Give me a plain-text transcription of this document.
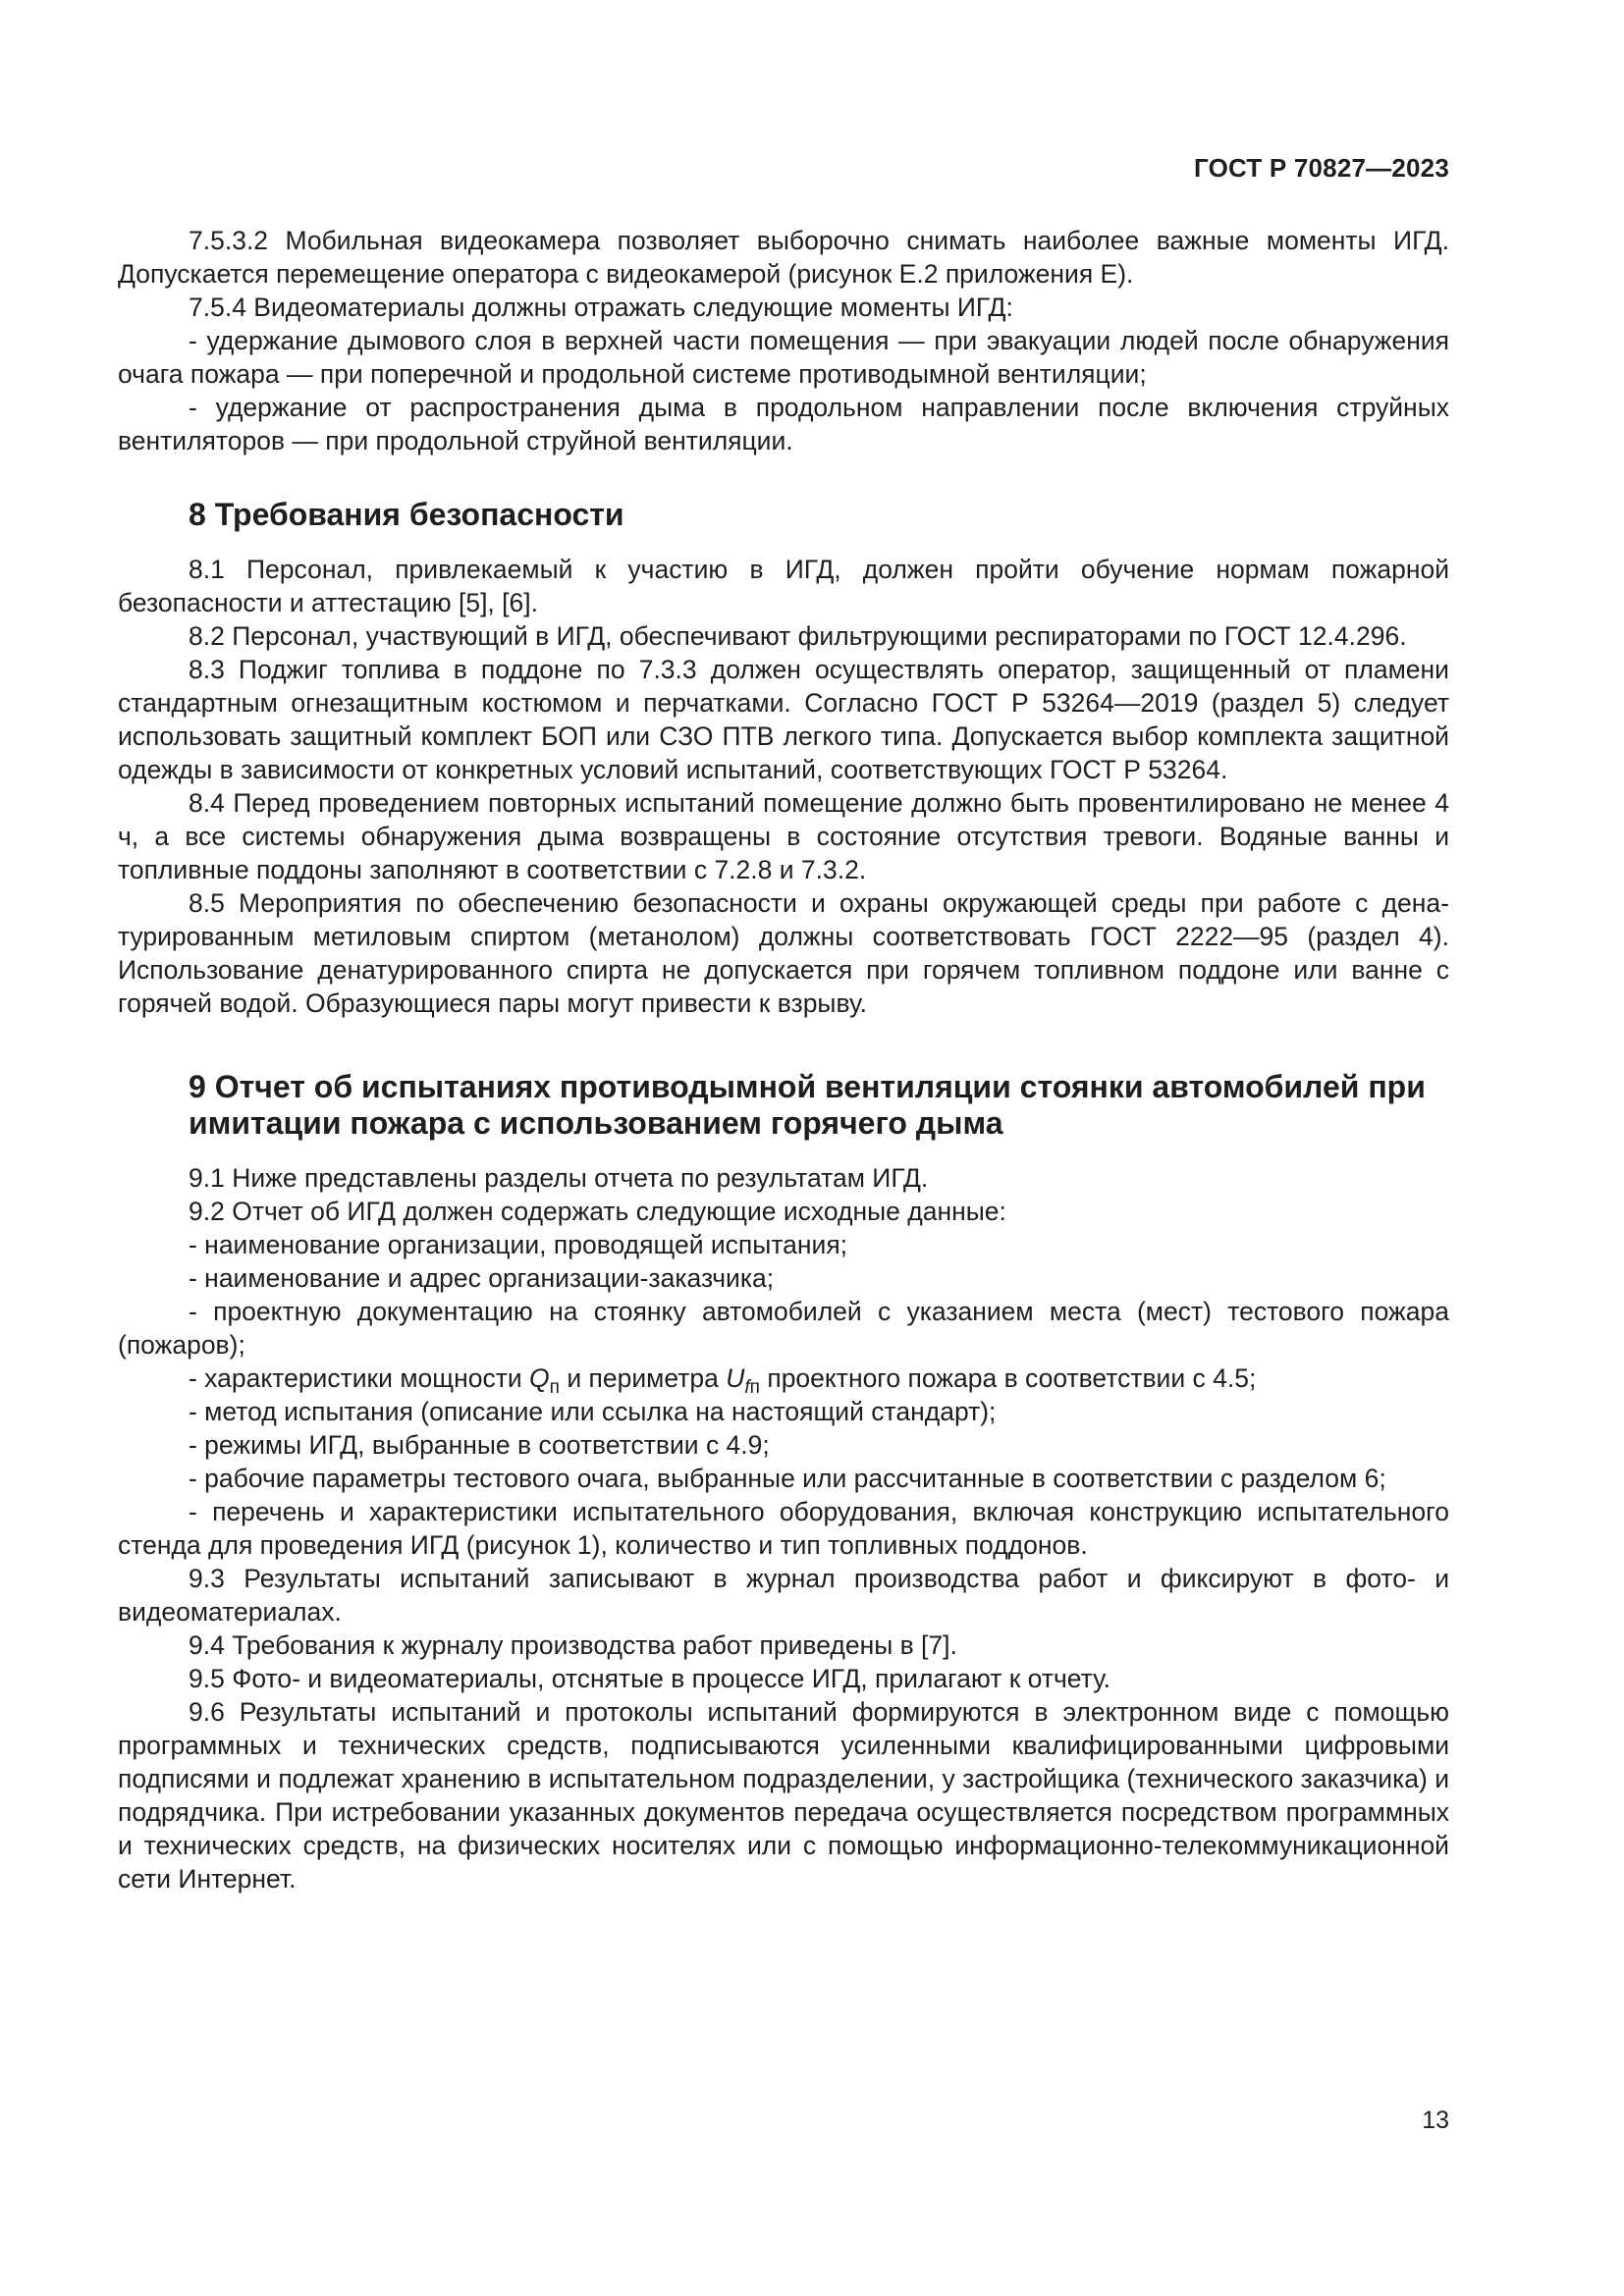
ГОСТ Р 70827—2023

7.5.3.2 Мобильная видеокамера позволяет выборочно снимать наиболее важные моменты ИГД. Допускается перемещение оператора с видеокамерой (рисунок Е.2 приложения Е).

7.5.4 Видеоматериалы должны отражать следующие моменты ИГД:

- удержание дымового слоя в верхней части помещения — при эвакуации людей после обнаружения очага пожара — при поперечной и продольной системе противодымной вентиляции;

- удержание от распространения дыма в продольном направлении после включения струйных вентиляторов — при продольной струйной вентиляции.

8 Требования безопасности

8.1 Персонал, привлекаемый к участию в ИГД, должен пройти обучение нормам пожарной безопасности и аттестацию [5], [6].

8.2 Персонал, участвующий в ИГД, обеспечивают фильтрующими респираторами по ГОСТ 12.4.296.

8.3 Поджиг топлива в поддоне по 7.3.3 должен осуществлять оператор, защищенный от пламени стандартным огнезащитным костюмом и перчатками. Согласно ГОСТ Р 53264—2019 (раздел 5) следует использовать защитный комплект БОП или СЗО ПТВ легкого типа. Допускается выбор комплекта защитной одежды в зависимости от конкретных условий испытаний, соответствующих ГОСТ Р 53264.

8.4 Перед проведением повторных испытаний помещение должно быть провентилировано не менее 4 ч, а все системы обнаружения дыма возвращены в состояние отсутствия тревоги. Водяные ванны и топливные поддоны заполняют в соответствии с 7.2.8 и 7.3.2.

8.5 Мероприятия по обеспечению безопасности и охраны окружающей среды при работе с денатурированным метиловым спиртом (метанолом) должны соответствовать ГОСТ 2222—95 (раздел 4). Использование денатурированного спирта не допускается при горячем топливном поддоне или ванне с горячей водой. Образующиеся пары могут привести к взрыву.

9 Отчет об испытаниях противодымной вентиляции стоянки автомобилей при имитации пожара с использованием горячего дыма

9.1 Ниже представлены разделы отчета по результатам ИГД.

9.2 Отчет об ИГД должен содержать следующие исходные данные:

- наименование организации, проводящей испытания;

- наименование и адрес организации-заказчика;

- проектную документацию на стоянку автомобилей с указанием места (мест) тестового пожара (пожаров);

- характеристики мощности $Q_п$ и периметра $U_{fп}$ проектного пожара в соответствии с 4.5;

- метод испытания (описание или ссылка на настоящий стандарт);

- режимы ИГД, выбранные в соответствии с 4.9;

- рабочие параметры тестового очага, выбранные или рассчитанные в соответствии с разделом 6;

- перечень и характеристики испытательного оборудования, включая конструкцию испытательного стенда для проведения ИГД (рисунок 1), количество и тип топливных поддонов.

9.3 Результаты испытаний записывают в журнал производства работ и фиксируют в фото- и видеоматериалах.

9.4 Требования к журналу производства работ приведены в [7].

9.5 Фото- и видеоматериалы, отснятые в процессе ИГД, прилагают к отчету.

9.6 Результаты испытаний и протоколы испытаний формируются в электронном виде с помощью программных и технических средств, подписываются усиленными квалифицированными цифровыми подписями и подлежат хранению в испытательном подразделении, у застройщика (технического заказчика) и подрядчика. При истребовании указанных документов передача осуществляется посредством программных и технических средств, на физических носителях или с помощью информационно-телекоммуникационной сети Интернет.

13
